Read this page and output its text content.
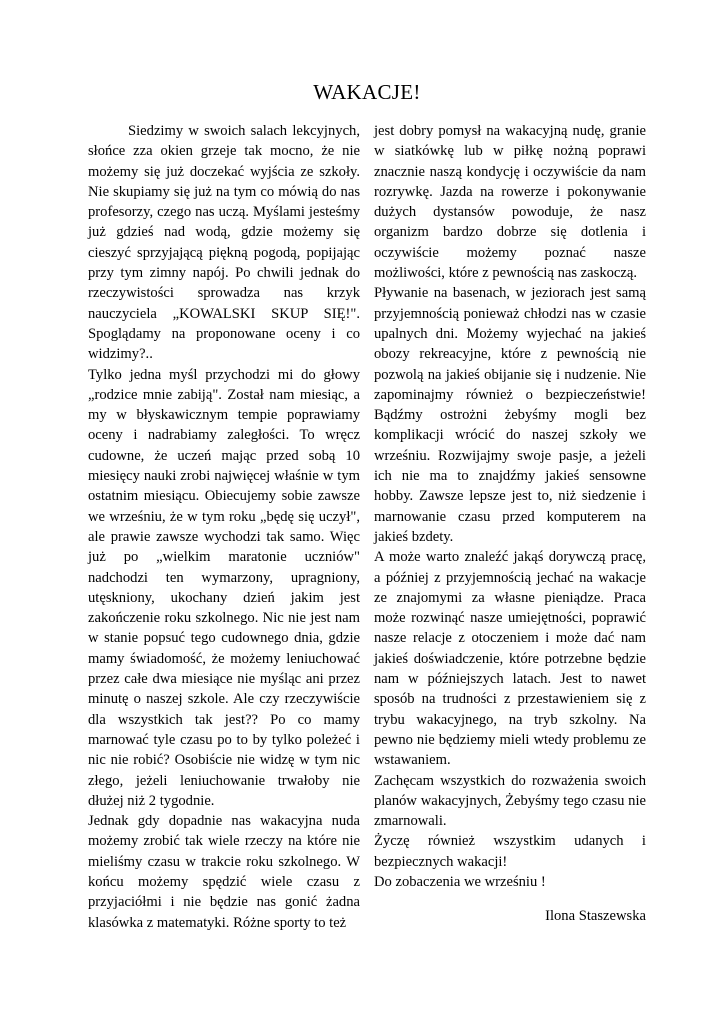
WAKACJE!

Siedzimy w swoich salach lekcyjnych, słońce zza okien grzeje tak mocno, że nie możemy się już doczekać wyjścia ze szkoły. Nie skupiamy się już na tym co mówią do nas profesorzy, czego nas uczą. Myślami jesteśmy już gdzieś nad wodą, gdzie możemy się cieszyć sprzyjającą piękną pogodą, popijając przy tym zimny napój. Po chwili jednak do rzeczywistości sprowadza nas krzyk nauczyciela „KOWALSKI SKUP SIĘ!". Spoglądamy na proponowane oceny i co widzimy?..

Tylko jedna myśl przychodzi mi do głowy „rodzice mnie zabiją". Został nam miesiąc, a my w błyskawicznym tempie poprawiamy oceny i nadrabiamy zaległości. To wręcz cudowne, że uczeń mając przed sobą 10 miesięcy nauki zrobi najwięcej właśnie w tym ostatnim miesiącu. Obiecujemy sobie zawsze we wrześniu, że w tym roku „będę się uczył", ale prawie zawsze wychodzi tak samo. Więc już po „wielkim maratonie uczniów" nadchodzi ten wymarzony, upragniony, utęskniony, ukochany dzień jakim jest zakończenie roku szkolnego. Nic nie jest nam w stanie popsuć tego cudownego dnia, gdzie mamy świadomość, że możemy leniuchować przez całe dwa miesiące nie myśląc ani przez minutę o naszej szkole. Ale czy rzeczywiście dla wszystkich tak jest?? Po co mamy marnować tyle czasu po to by tylko poleżeć i nic nie robić? Osobiście nie widzę w tym nic złego, jeżeli leniuchowanie trwałoby nie dłużej niż 2 tygodnie.

Jednak gdy dopadnie nas wakacyjna nuda możemy zrobić tak wiele rzeczy na które nie mieliśmy czasu w trakcie roku szkolnego. W końcu możemy spędzić wiele czasu z przyjaciółmi i nie będzie nas gonić żadna klasówka z matematyki. Różne sporty to też

jest dobry pomysł na wakacyjną nudę, granie w siatkówkę lub w piłkę nożną poprawi znacznie naszą kondycję i oczywiście da nam rozrywkę. Jazda na rowerze i pokonywanie dużych dystansów powoduje, że nasz organizm bardzo dobrze się dotlenia i oczywiście możemy poznać nasze możliwości, które z pewnością nas zaskoczą.

Pływanie na basenach, w jeziorach jest samą przyjemnością ponieważ chłodzi nas w czasie upalnych dni. Możemy wyjechać na jakieś obozy rekreacyjne, które z pewnością nie pozwolą na jakieś obijanie się i nudzenie. Nie zapominajmy również o bezpieczeństwie! Bądźmy ostrożni żebyśmy mogli bez komplikacji wrócić do naszej szkoły we wrześniu. Rozwijajmy swoje pasje, a jeżeli ich nie ma to znajdźmy jakieś sensowne hobby. Zawsze lepsze jest to, niż siedzenie i marnowanie czasu przed komputerem na jakieś bzdety.

A może warto znaleźć jakąś dorywczą pracę, a później z przyjemnością jechać na wakacje ze znajomymi za własne pieniądze. Praca może rozwinąć nasze umiejętności, poprawić nasze relacje z otoczeniem i może dać nam jakieś doświadczenie, które potrzebne będzie nam w późniejszych latach. Jest to nawet sposób na trudności z przestawieniem się z trybu wakacyjnego, na tryb szkolny. Na pewno nie będziemy mieli wtedy problemu ze wstawaniem.

Zachęcam wszystkich do rozważenia swoich planów wakacyjnych, Żebyśmy tego czasu nie zmarnowali.

Życzę również wszystkim udanych i bezpiecznych wakacji!

Do zobaczenia we wrześniu !

Ilona Staszewska
